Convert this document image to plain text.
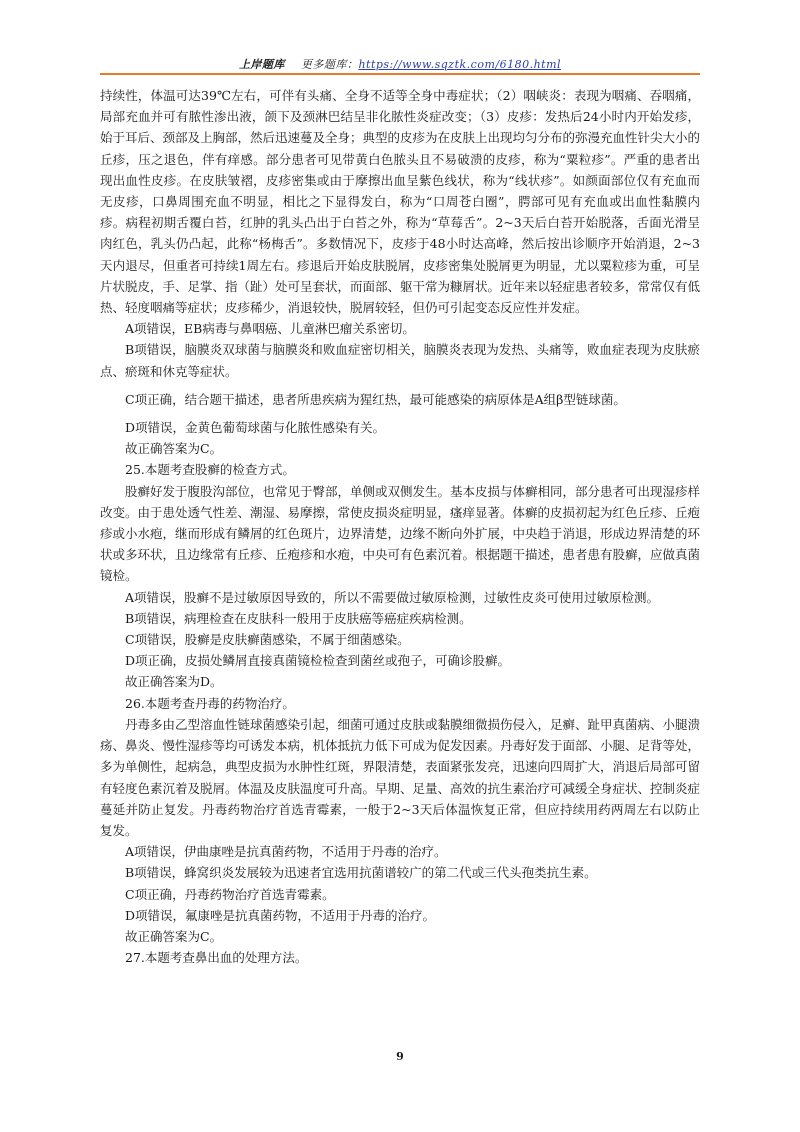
上岸题库 更多题库：https://www.sqztk.com/6180.html

持续性，体温可达39℃左右，可伴有头痛、全身不适等全身中毒症状；（2）咽峡炎：表现为咽痛、吞咽痛，局部充血并可有脓性渗出液，颌下及颈淋巴结呈非化脓性炎症改变；（3）皮疹：发热后24小时内开始发疹，始于耳后、颈部及上胸部，然后迅速蔓及全身；典型的皮疹为在皮肤上出现均匀分布的弥漫充血性针尖大小的丘疹，压之退色，伴有痒感。部分患者可见带黄白色脓头且不易破溃的皮疹，称为“粟粒疹”。严重的患者出现出血性皮疹。在皮肤皱褶，皮疹密集或由于摩擦出血呈紫色线状，称为“线状疹”。如颜面部位仅有充血而无皮疹，口鼻周围充血不明显，相比之下显得发白，称为“口周苍白圈”，腭部可见有充血或出血性黏膜内疹。病程初期舌覆白苔，红肿的乳头凸出于白苔之外，称为“草莓舌”。2~3天后白苔开始脱落，舌面光滑呈肉红色，乳头仍凸起，此称“杨梅舌”。多数情况下，皮疹于48小时达高峰，然后按出诊顺序开始消退，2~3天内退尽，但重者可持续1周左右。疹退后开始皮肤脱屑，皮疹密集处脱屑更为明显，尤以粟粒疹为重，可呈片状脱皮，手、足掌、指（趾）处可呈套状，而面部、躯干常为糠屑状。近年来以轻症患者较多，常常仅有低热、轻度咽痛等症状；皮疹稀少，消退较快，脱屑较轻，但仍可引起变态反应性并发症。

A项错误，EB病毒与鼻咽癌、儿童淋巴瘤关系密切。

B项错误，脑膜炎双球菌与脑膜炎和败血症密切相关，脑膜炎表现为发热、头痛等，败血症表现为皮肤瘀点、瘀斑和休克等症状。

C项正确，结合题干描述，患者所患疾病为猩红热，最可能感染的病原体是A组β型链球菌。

D项错误，金黄色葡萄球菌与化脓性感染有关。

故正确答案为C。

25.本题考查股癣的检查方式。

股癣好发于腹股沟部位，也常见于臀部，单侧或双侧发生。基本皮损与体癣相同，部分患者可出现湿疹样改变。由于患处透气性差、潮湿、易摩擦，常使皮损炎症明显，瘙痒显著。体癣的皮损初起为红色丘疹、丘疱疹或小水疱，继而形成有鳞屑的红色斑片，边界清楚，边缘不断向外扩展，中央趋于消退，形成边界清楚的环状或多环状，且边缘常有丘疹、丘疱疹和水疱，中央可有色素沉着。根据题干描述，患者患有股癣，应做真菌镜检。

A项错误，股癣不是过敏原因导致的，所以不需要做过敏原检测，过敏性皮炎可使用过敏原检测。

B项错误，病理检查在皮肤科一般用于皮肤癌等癌症疾病检测。

C项错误，股癣是皮肤癣菌感染，不属于细菌感染。

D项正确，皮损处鳞屑直接真菌镜检检查到菌丝或孢子，可确诊股癣。

故正确答案为D。

26.本题考查丹毒的药物治疗。

丹毒多由乙型溶血性链球菌感染引起，细菌可通过皮肤或黏膜细微损伤侵入，足癣、趾甲真菌病、小腿溃疡、鼻炎、慢性湿疹等均可诱发本病，机体抵抗力低下可成为促发因素。丹毒好发于面部、小腿、足背等处，多为单侧性，起病急，典型皮损为水肿性红斑，界限清楚，表面紧张发亮，迅速向四周扩大，消退后局部可留有轻度色素沉着及脱屑。体温及皮肤温度可升高。早期、足量、高效的抗生素治疗可减缓全身症状、控制炎症蔓延并防止复发。丹毒药物治疗首选青霉素，一般于2~3天后体温恢复正常，但应持续用药两周左右以防止复发。

A项错误，伊曲康唑是抗真菌药物，不适用于丹毒的治疗。

B项错误，蜂窝织炎发展较为迅速者宜选用抗菌谱较广的第二代或三代头孢类抗生素。

C项正确，丹毒药物治疗首选青霉素。

D项错误，氟康唑是抗真菌药物，不适用于丹毒的治疗。

故正确答案为C。

27.本题考查鼻出血的处理方法。

9
